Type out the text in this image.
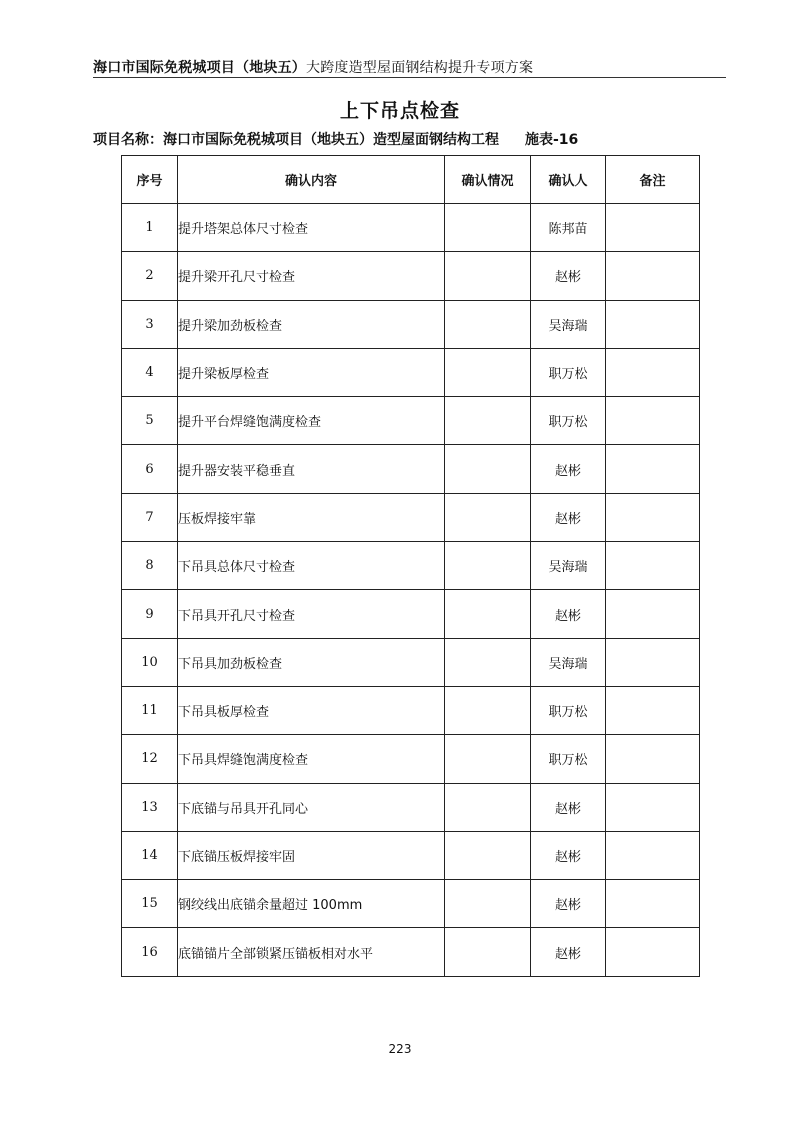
海口市国际免税城项目（地块五）大跨度造型屋面钢结构提升专项方案
上下吊点检查
项目名称：海口市国际免税城项目（地块五）造型屋面钢结构工程 施表-16
序号	确认内容	确认情况	确认人	备注
1	提升塔架总体尺寸检查		陈邦苗	
2	提升梁开孔尺寸检查		赵彬	
3	提升梁加劲板检查		吴海瑞	
4	提升梁板厚检查		职万松	
5	提升平台焊缝饱满度检查		职万松	
6	提升器安装平稳垂直		赵彬	
7	压板焊接牢靠		赵彬	
8	下吊具总体尺寸检查		吴海瑞	
9	下吊具开孔尺寸检查		赵彬	
10	下吊具加劲板检查		吴海瑞	
11	下吊具板厚检查		职万松	
12	下吊具焊缝饱满度检查		职万松	
13	下底锚与吊具开孔同心		赵彬	
14	下底锚压板焊接牢固		赵彬	
15	钢绞线出底锚余量超过 100mm		赵彬	
16	底锚锚片全部锁紧压锚板相对水平		赵彬	
223
